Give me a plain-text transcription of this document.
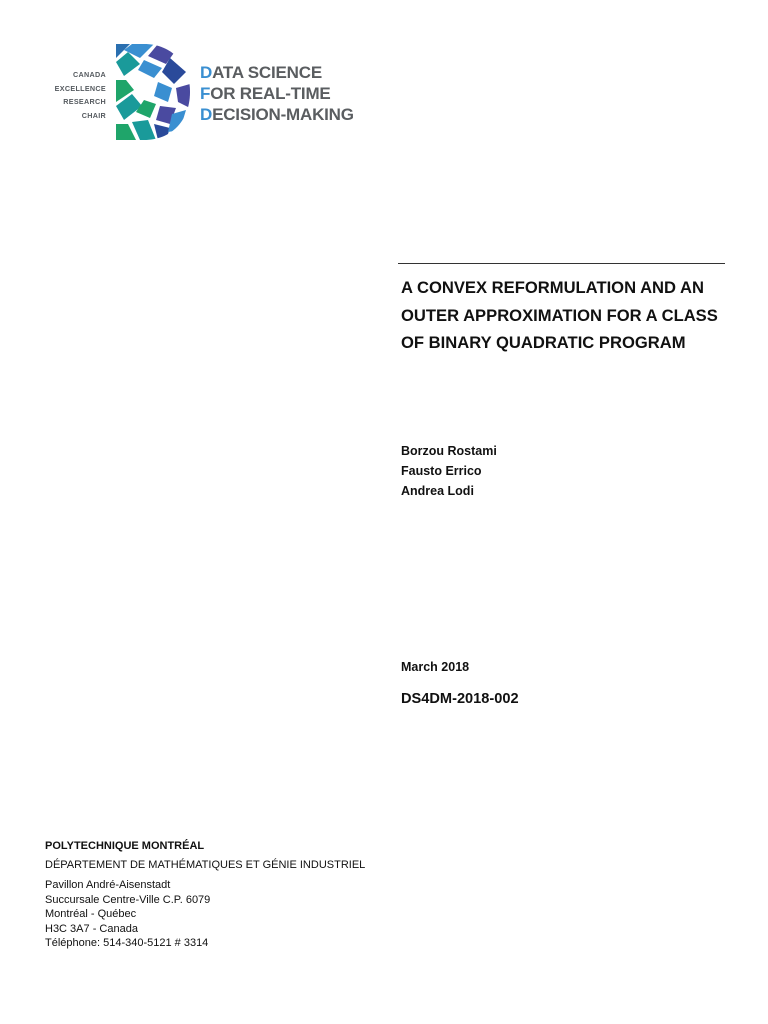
CANADA
EXCELLENCE
RESEARCH
CHAIR
DATA SCIENCE
FOR REAL-TIME
DECISION-MAKING
A CONVEX REFORMULATION AND AN
OUTER APPROXIMATION FOR A CLASS
OF BINARY QUADRATIC PROGRAM
Borzou Rostami
Fausto Errico
Andrea Lodi
March 2018
DS4DM-2018-002
POLYTECHNIQUE MONTRÉAL
DÉPARTEMENT DE MATHÉMATIQUES ET GÉNIE INDUSTRIEL
Pavillon André-Aisenstadt
Succursale Centre-Ville C.P. 6079
Montréal - Québec
H3C 3A7 - Canada
Téléphone: 514-340-5121 # 3314
